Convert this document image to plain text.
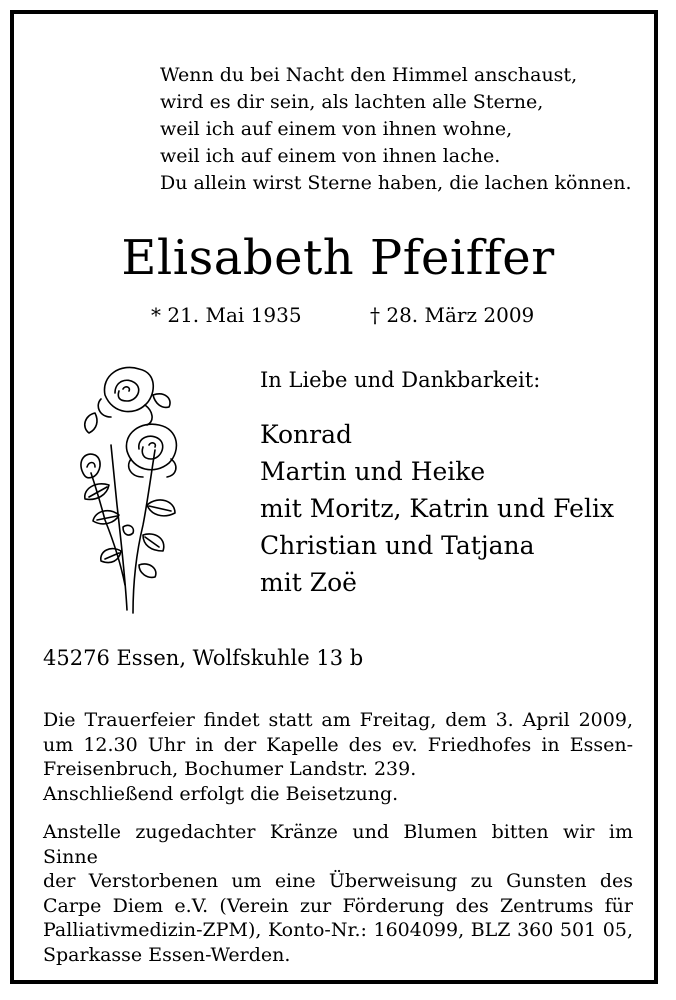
Wenn du bei Nacht den Himmel anschaust,
wird es dir sein, als lachten alle Sterne,
weil ich auf einem von ihnen wohne,
weil ich auf einem von ihnen lache.
Du allein wirst Sterne haben, die lachen können.
Elisabeth Pfeiffer
* 21. Mai 1935	† 28. März 2009
In Liebe und Dankbarkeit:
Konrad
Martin und Heike
mit Moritz, Katrin und Felix
Christian und Tatjana
mit Zoë
45276 Essen, Wolfskuhle 13 b
Die Trauerfeier findet statt am Freitag, dem 3. April 2009,
um 12.30 Uhr in der Kapelle des ev. Friedhofes in Essen-
Freisenbruch, Bochumer Landstr. 239.
Anschließend erfolgt die Beisetzung.
Anstelle zugedachter Kränze und Blumen bitten wir im Sinne
der Verstorbenen um eine Überweisung zu Gunsten des
Carpe Diem e.V. (Verein zur Förderung des Zentrums für
Palliativmedizin-ZPM), Konto-Nr.: 1604099, BLZ 360 501 05,
Sparkasse Essen-Werden.
